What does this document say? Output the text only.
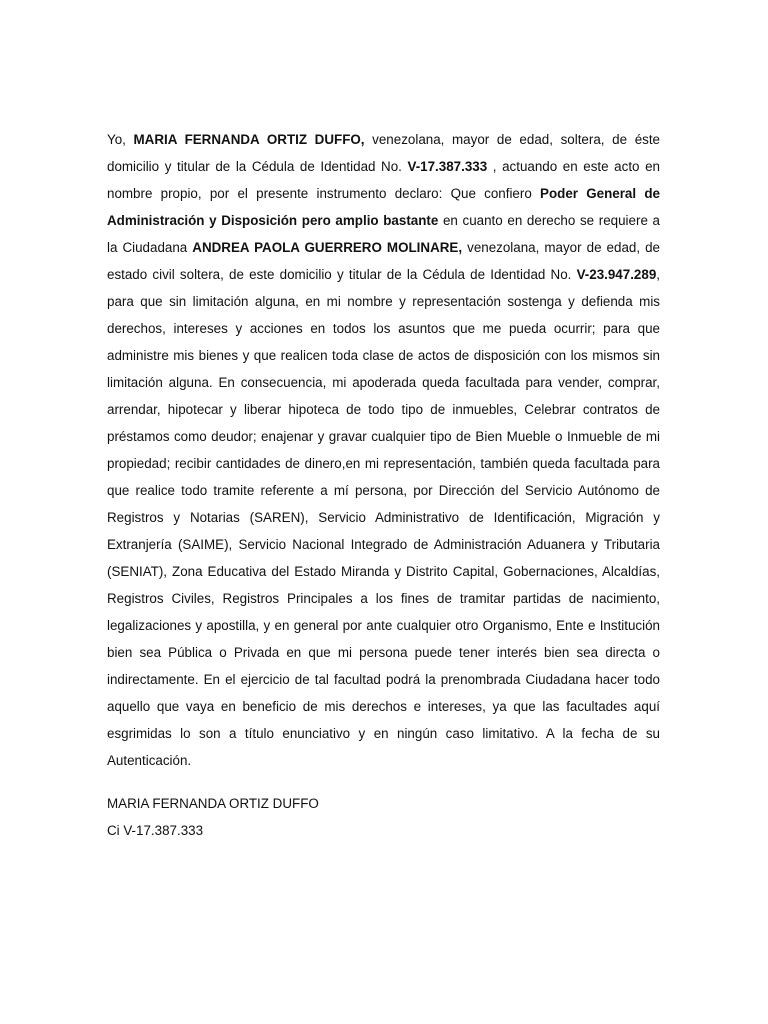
Yo, MARIA FERNANDA ORTIZ DUFFO, venezolana, mayor de edad, soltera, de éste domicilio y titular de la Cédula de Identidad No. V-17.387.333 , actuando en este acto en nombre propio, por el presente instrumento declaro: Que confiero Poder General de Administración y Disposición pero amplio bastante en cuanto en derecho se requiere a la Ciudadana ANDREA PAOLA GUERRERO MOLINARE, venezolana, mayor de edad, de estado civil soltera, de este domicilio y titular de la Cédula de Identidad No. V-23.947.289, para que sin limitación alguna, en mi nombre y representación sostenga y defienda mis derechos, intereses y acciones en todos los asuntos que me pueda ocurrir; para que administre mis bienes y que realicen toda clase de actos de disposición con los mismos sin limitación alguna. En consecuencia, mi apoderada queda facultada para vender, comprar, arrendar, hipotecar y liberar hipoteca de todo tipo de inmuebles, Celebrar contratos de préstamos como deudor; enajenar y gravar cualquier tipo de Bien Mueble o Inmueble de mi propiedad; recibir cantidades de dinero,en mi representación, también queda facultada para que realice todo tramite referente a mí persona, por Dirección del Servicio Autónomo de Registros y Notarias (SAREN), Servicio Administrativo de Identificación, Migración y Extranjería (SAIME), Servicio Nacional Integrado de Administración Aduanera y Tributaria (SENIAT), Zona Educativa del Estado Miranda y Distrito Capital, Gobernaciones, Alcaldías, Registros Civiles, Registros Principales a los fines de tramitar partidas de nacimiento, legalizaciones y apostilla, y en general por ante cualquier otro Organismo, Ente e Institución bien sea Pública o Privada en que mi persona puede tener interés bien sea directa o indirectamente. En el ejercicio de tal facultad podrá la prenombrada Ciudadana hacer todo aquello que vaya en beneficio de mis derechos e intereses, ya que las facultades aquí esgrimidas lo son a título enunciativo y en ningún caso limitativo. A la fecha de su Autenticación.

MARIA FERNANDA ORTIZ DUFFO

Ci V-17.387.333
